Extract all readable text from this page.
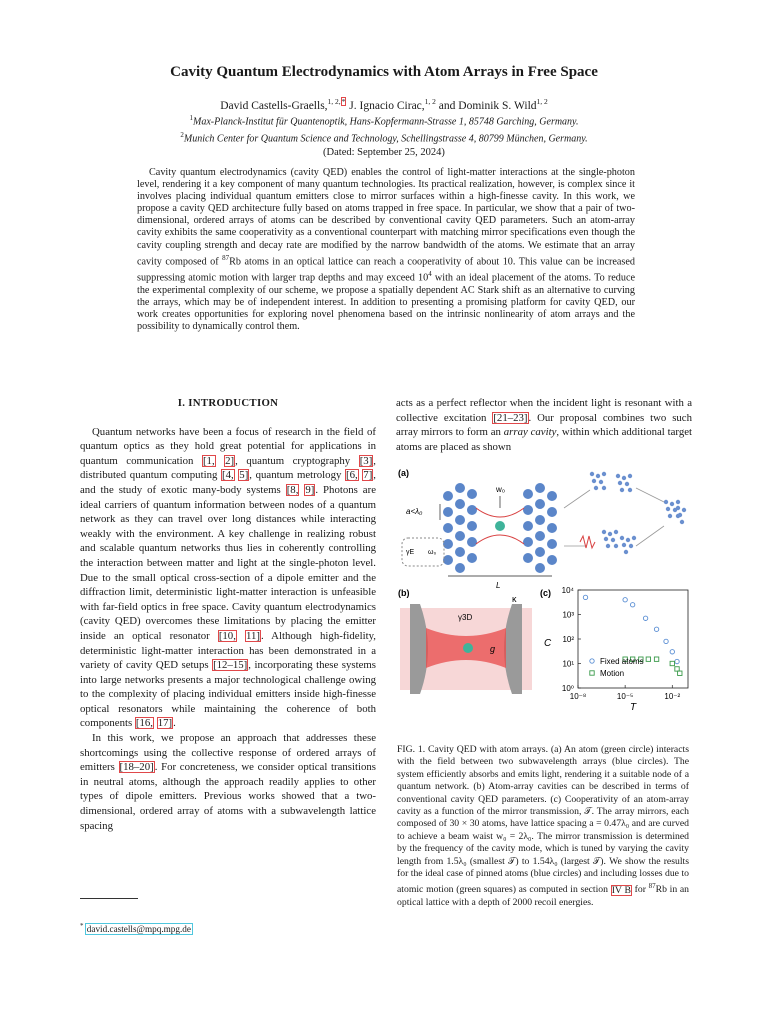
Cavity Quantum Electrodynamics with Atom Arrays in Free Space
David Castells-Graells,$^{1, 2,*}$ J. Ignacio Cirac,$^{1, 2}$ and Dominik S. Wild$^{1, 2}$
$^1$Max-Planck-Institut für Quantenoptik, Hans-Kopfermann-Strasse 1, 85748 Garching, Germany.
$^2$Munich Center for Quantum Science and Technology, Schellingstrasse 4, 80799 München, Germany.
(Dated: September 25, 2024)

Cavity quantum electrodynamics (cavity QED) enables the control of light-matter interactions at the single-photon level, rendering it a key component of many quantum technologies. Its practical realization, however, is complex since it involves placing individual quantum emitters close to mirror surfaces within a high-finesse cavity. In this work, we propose a cavity QED architecture fully based on atoms trapped in free space. In particular, we show that a pair of two-dimensional, ordered arrays of atoms can be described by conventional cavity QED parameters. Such an atom-array cavity exhibits the same cooperativity as a conventional counterpart with matching mirror specifications even though the cavity coupling strength and decay rate are modified by the narrow bandwidth of the atoms. We estimate that an array cavity composed of $^{87}$Rb atoms in an optical lattice can reach a cooperativity of about 10. This value can be increased suppressing atomic motion with larger trap depths and may exceed $10^4$ with an ideal placement of the atoms. To reduce the experimental complexity of our scheme, we propose a spatially dependent AC Stark shift as an alternative to curving the arrays, which may be of independent interest. In addition to presenting a promising platform for cavity QED, our work creates opportunities for exploring novel phenomena based on the intrinsic nonlinearity of atom arrays and the possibility to dynamically control them.

I. INTRODUCTION

Quantum networks have been a focus of research in the field of quantum optics as they hold great potential for applications in quantum communication [1, 2], quantum cryptography [3], distributed quantum computing [4, 5], quantum metrology [6, 7], and the study of exotic many-body systems [8, 9]. Photons are ideal carriers of quantum information between nodes of a quantum network as they can travel over long distances while interacting weakly with the environment. A key challenge in realizing robust and scalable quantum networks thus lies in coherently controlling the interaction between matter and light at the single-photon level. Due to the small optical cross-section of a dipole emitter and the diffraction limit, deterministic light-matter interaction is unfeasible with far-field optics in free space. Cavity quantum electrodynamics (cavity QED) overcomes these limitations by placing the emitter inside an optical resonator [10, 11]. Although high-fidelity, deterministic light-matter interaction has been demonstrated in a variety of cavity QED setups [12–15], incorporating these systems into large networks presents a major technological challenge owing to the complexity of placing individual emitters inside high-finesse optical resonators while maintaining the coherence of both components [16, 17].

In this work, we propose an approach that addresses these shortcomings using the collective response of ordered arrays of emitters [18–20]. For concreteness, we consider optical transitions in neutral atoms, although the approach readily applies to other types of dipole emitters. Previous works showed that a two-dimensional, ordered array of atoms with a subwavelength lattice spacing

acts as a perfect reflector when the incident light is resonant with a collective excitation [21–23]. Our proposal combines two such array mirrors to form an array cavity, within which additional target atoms are placed as shown

(a)
w₀
a<λ₀
γE ω₀
L
(b)
γ3D
κ
g
(c)
C
T
10⁰
10¹
10²
10³
10⁴
10⁻⁸	10⁻⁵	10⁻²
Fixed atoms
Motion

FIG. 1. Cavity QED with atom arrays. (a) An atom (green circle) interacts with the field between two subwavelength arrays (blue circles). The system efficiently absorbs and emits light, rendering it a suitable node of a quantum network. (b) Atom-array cavities can be described in terms of conventional cavity QED parameters. (c) Cooperativity of an atom-array cavity as a function of the mirror transmission, 𝒯. The array mirrors, each composed of 30 × 30 atoms, have lattice spacing a = 0.47λ₀ and are curved to achieve a beam waist w₀ = 2λ₀. The mirror transmission is determined by the frequency of the cavity mode, which is tuned by varying the cavity length from 1.5λ₀ (smallest 𝒯) to 1.54λ₀ (largest 𝒯). We show the results for the ideal case of pinned atoms (blue circles) and including losses due to atomic motion (green squares) as computed in section IV B for $^{87}$Rb in an optical lattice with a depth of 2000 recoil energies.

* david.castells@mpq.mpg.de
